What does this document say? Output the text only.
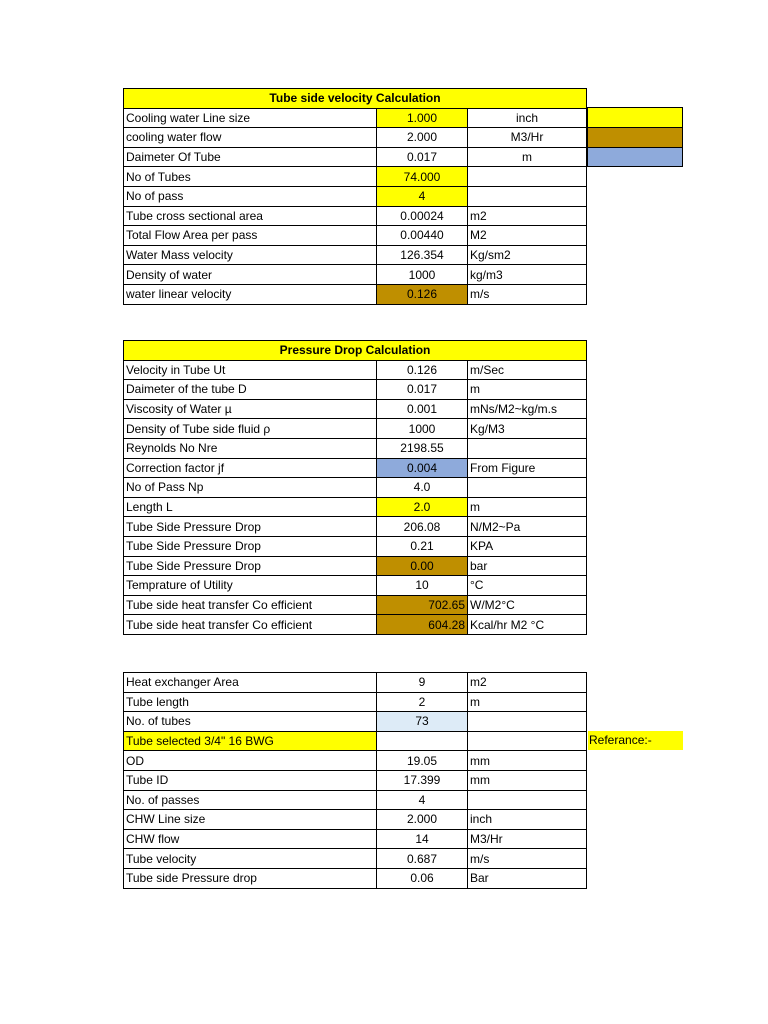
Tube side velocity Calculation		
Cooling water Line size	1.000	inch
cooling water flow	2.000	M3/Hr
Daimeter Of Tube	0.017	m
No of Tubes	74.000	
No of pass	4	
Tube cross sectional area	0.00024	m2
Total Flow Area per pass	0.00440	M2
Water Mass velocity	126.354	Kg/sm2
Density of water	1000	kg/m3
water linear velocity	0.126	m/s
Pressure Drop Calculation		
Velocity in Tube Ut	0.126	m/Sec
Daimeter of the tube D	0.017	m
Viscosity of Water µ	0.001	mNs/M2~kg/m.s
Density of Tube side fluid ρ	1000	Kg/M3
Reynolds No Nre	2198.55	
Correction factor jf	0.004	From Figure
No of Pass Np	4.0	
Length L	2.0	m
Tube Side Pressure Drop	206.08	N/M2~Pa
Tube Side Pressure Drop	0.21	KPA
Tube Side Pressure Drop	0.00	bar
Temprature of Utility	10	°C
Tube side heat transfer Co efficient	702.65	W/M2°C
Tube side heat transfer Co efficient	604.28	Kcal/hr M2 °C
Heat exchanger Area	9	m2
Tube length	2	m
No. of tubes	73	
Tube selected 3/4" 16 BWG		
OD	19.05	mm
Tube ID	17.399	mm
No. of passes	4	
CHW Line size	2.000	inch
CHW flow	14	M3/Hr
Tube velocity	0.687	m/s
Tube side Pressure drop	0.06	Bar
Referance:-
